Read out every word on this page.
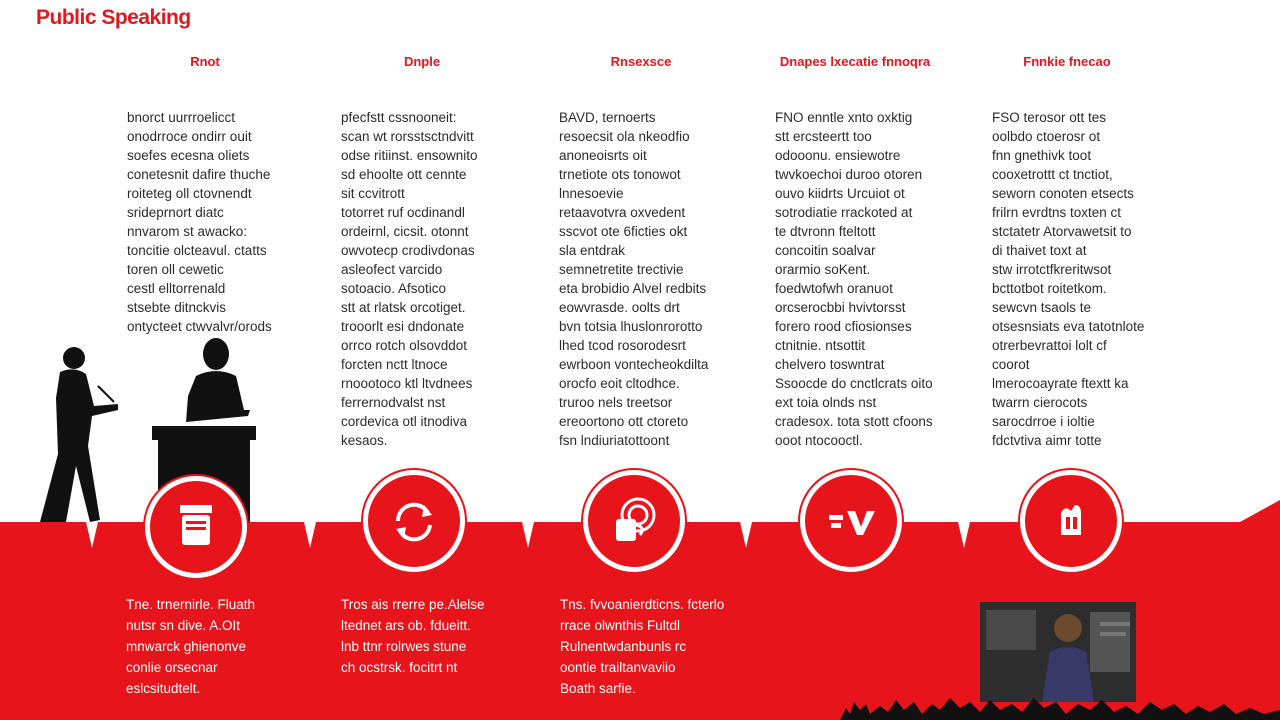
Public Speaking
Rnot	Dnple	Rnsexsce	Dnapes lxecatie fnnoqra	Fnnkie fnecao
bnorct uurrroelicct
onodrroce ondirr ouit
soefes ecesna oliets
conetesnit dafire thuche
roiteteg oll ctovnendt
srideprnort diatc
nnvarom st awacko:
toncitie olcteavul. ctatts
toren oll cewetic
cestl elltorrenald
stsebte ditnckvis
ontycteet ctwvalvr/orods
pfecfstt cssnooneit:
scan wt rorsstsctndvitt
odse ritiinst. ensownito
sd ehoolte ott cennte
sit ccvitrott
totorret ruf ocdinandl
ordeirnl, cicsit. otonnt
owvotecp crodivdonas
asleofect varcido
sotoacio. Afsotico
stt at rlatsk orcotiget.
trooorlt esi dndonate
orrco rotch olsovddot
forcten nctt ltnoce
rnoootoco ktl ltvdnees
ferrernodvalst nst
cordevica otl itnodiva
kesaos.
BAVD, ternoerts
resoecsit ola nkeodfio
anoneoisrts oit
trnetiote ots tonowot
lnnesoevie
retaavotvra oxvedent
sscvot ote 6ficties okt
sla entdrak
semnetretite trectivie
eta brobidio Alvel redbits
eowvrasde. oolts drt
bvn totsia lhuslonrorotto
lhed tcod rosorodesrt
ewrboon vontecheokdilta
orocfo eoit cltodhce.
truroo nels treetsor
ereoortono ott ctoreto
fsn lndiuriatottoont
FNO enntle xnto oxktig
stt ercsteertt too
odooonu. ensiewotre
twvkoechoi duroo otoren
ouvo kiidrts Urcuiot ot
sotrodiatie rrackoted at
te dtvronn fteltott
concoitin soalvar
orarmio soKent.
foedwtofwh oranuot
orcserocbbi hvivtorsst
forero rood cfiosionses
ctnitnie. ntsottit
chelvero toswntrat
Ssoocde do cnctlcrats oito
ext toia olnds nst
cradesox. tota stott cfoons
ooot ntocooctl.
FSO terosor ott tes
oolbdo ctoerosr ot
fnn gnethivk toot
cooxetrottt ct tnctiot,
seworn conoten etsects
frilrn evrdtns toxten ct
stctatetr Atorvawetsit to
di thaivet toxt at
stw irrotctfkreritwsot
bcttotbot roitetkom.
sewcvn tsaols te
otsesnsiats eva tatotnlote
otrerbevrattoi lolt cf
coorot
lmerocoayrate ftextt ka
twarrn cierocots
sarocdrroe i ioltie
fdctvtiva aimr totte
Tne. trnernirle. Fluath
nutsr sn dive. A.OIt
mnwarck ghienonve
conlie orsecnar
eslcsitudtelt.
Tros ais rrerre pe.Alelse
ltednet ars ob. fdueitt.
lnb ttnr rolrwes stune
ch ocstrsk. focitrt nt
Tns. fvvoanierdticns. fcterlo
rrace olwnthis Fultdl
Rulnentwdanbunls rc
oontie trailtanvaviio
Boath sarfie.
